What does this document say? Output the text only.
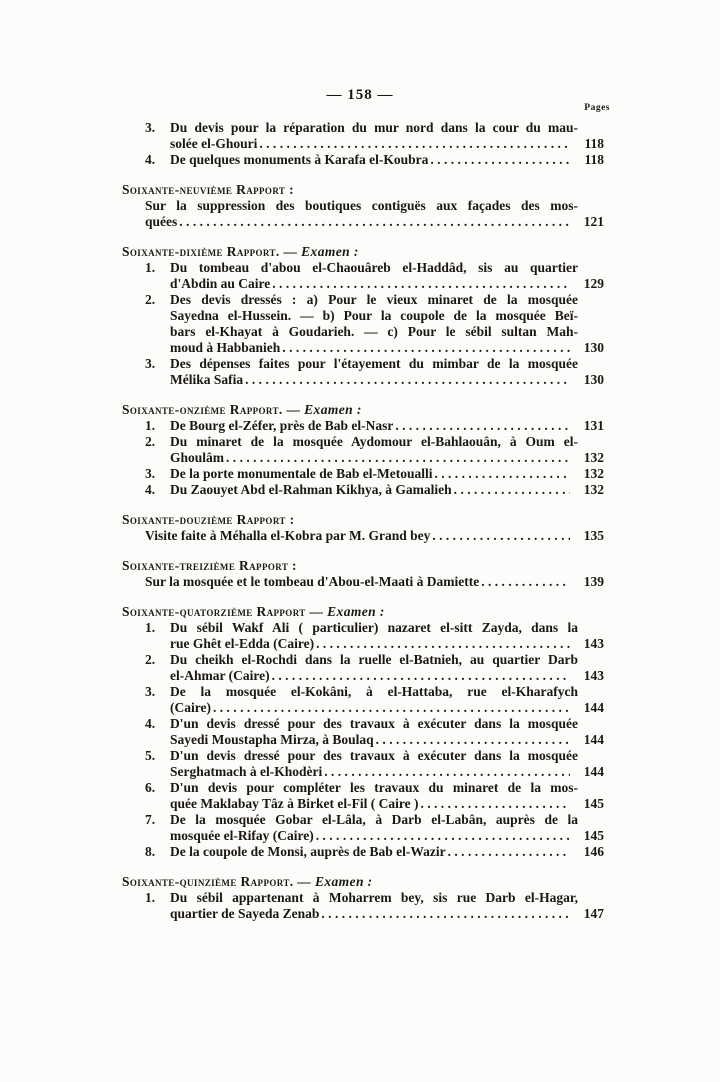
— 158 —
Pages
3.	Du devis pour la réparation du mur nord dans la cour du mau-
solée el-Ghouri .....	118
4.	De quelques monuments à Karafa el-Koubra .....	118
Soixante-neuvième Rapport :
Sur la suppression des boutiques contiguës aux façades des mos-
quées .....	121
Soixante-dixième Rapport. — Examen :
1.	Du tombeau d'abou el-Chaouâreb el-Haddâd, sis au quartier
d'Abdin au Caire .....	129
2.	Des devis dressés : a) Pour le vieux minaret de la mosquée
Sayedna el-Hussein. — b) Pour la coupole de la mosquée Beï-
bars el-Khayat à Goudarieh. — c) Pour le sébil sultan Mah-
moud à Habbanieh .....	130
3.	Des dépenses faites pour l'étayement du mimbar de la mosquée
Mélika Safia .....	130
Soixante-onzième Rapport. — Examen :
1.	De Bourg el-Zéfer, près de Bab el-Nasr .....	131
2.	Du minaret de la mosquée Aydomour el-Bahlaouân, à Oum el-
Ghoulâm .....	132
3.	De la porte monumentale de Bab el-Metoualli .....	132
4.	Du Zaouyet Abd el-Rahman Kikhya, à Gamalieh .....	132
Soixante-douzième Rapport :
Visite faite à Méhalla el-Kobra par M. Grand bey .....	135
Soixante-treizième Rapport :
Sur la mosquée et le tombeau d'Abou-el-Maati à Damiette .....	139
Soixante-quatorzième Rapport — Examen :
1.	Du sébil Wakf Ali ( particulier) nazaret el-sitt Zayda, dans la
rue Ghêt el-Edda (Caire) .....	143
2.	Du cheikh el-Rochdi dans la ruelle el-Batnieh, au quartier Darb
el-Ahmar (Caire) .....	143
3.	De la mosquée el-Kokâni, à el-Hattaba, rue el-Kharafych
(Caire) .....	144
4.	D'un devis dressé pour des travaux à exécuter dans la mosquée
Sayedi Moustapha Mirza, à Boulaq .....	144
5.	D'un devis dressé pour des travaux à exécuter dans la mosquée
Serghatmach à el-Khodèri .....	144
6.	D'un devis pour compléter les travaux du minaret de la mos-
quée Maklabay Tâz à Birket el-Fil ( Caire ) .....	145
7.	De la mosquée Gobar el-Lâla, à Darb el-Labân, auprès de la
mosquée el-Rifay (Caire) .....	145
8.	De la coupole de Monsi, auprès de Bab el-Wazir .....	146
Soixante-quinzième Rapport. — Examen :
1.	Du sébil appartenant à Moharrem bey, sis rue Darb el-Hagar,
quartier de Sayeda Zenab .....	147
